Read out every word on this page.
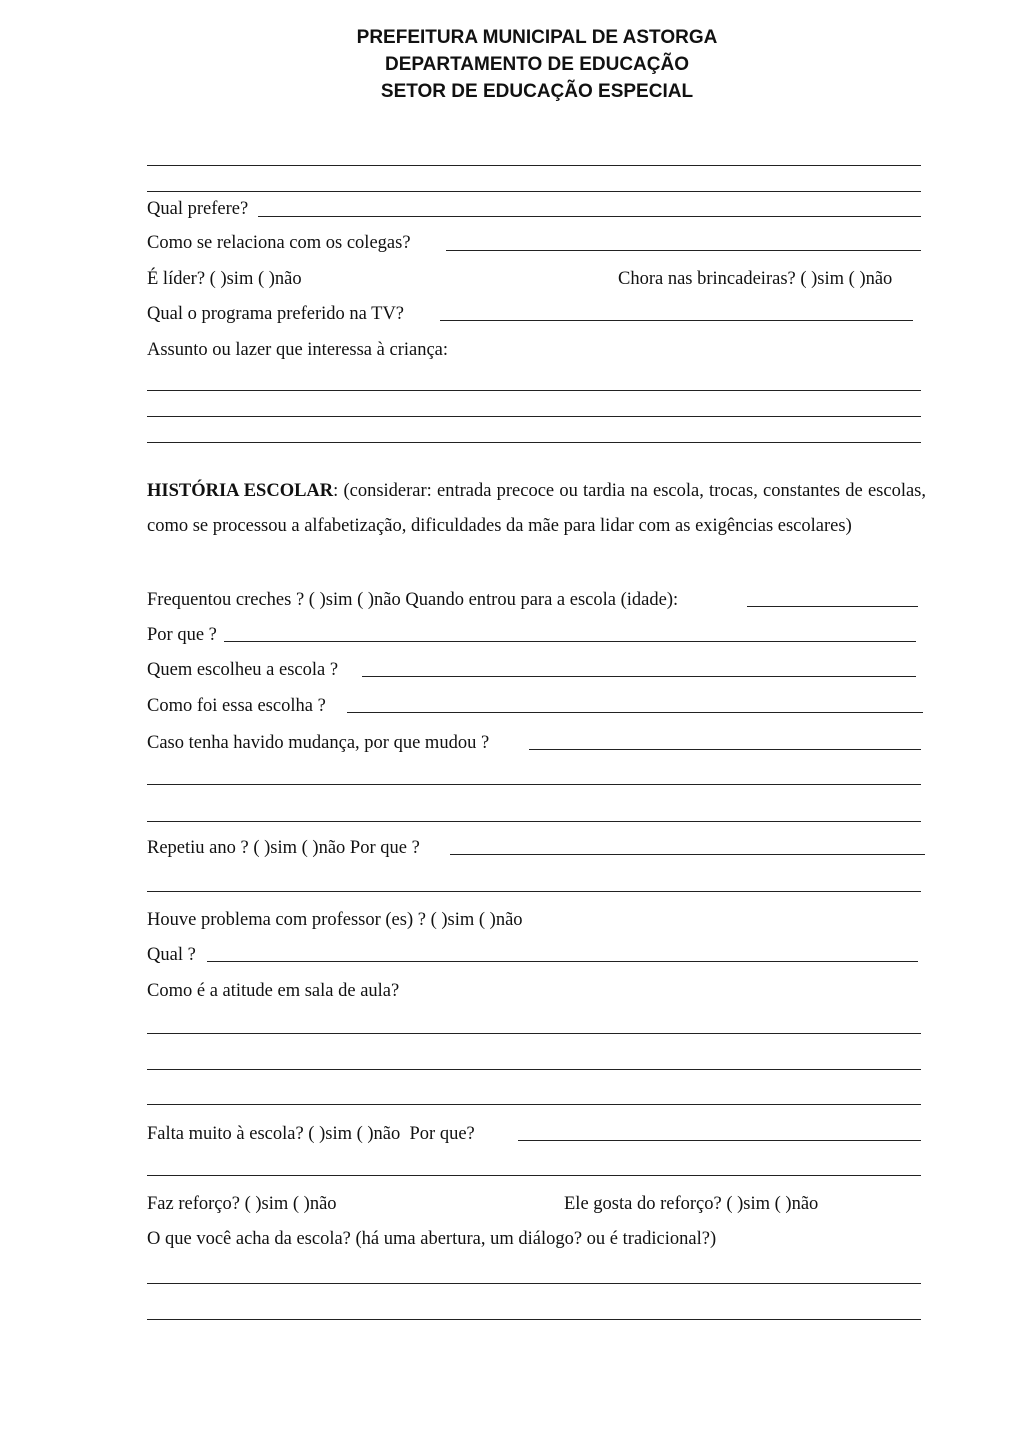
PREFEITURA MUNICIPAL DE ASTORGA
DEPARTAMENTO DE EDUCAÇÃO
SETOR DE EDUCAÇÃO ESPECIAL
Qual prefere?
Como se relaciona com os colegas?
É líder? ( )sim ( )não	Chora nas brincadeiras? ( )sim ( )não
Qual o programa preferido na TV?
Assunto ou lazer que interessa à criança:
HISTÓRIA ESCOLAR: (considerar: entrada precoce ou tardia na escola, trocas, constantes de escolas, como se processou a alfabetização, dificuldades da mãe para lidar com as exigências escolares)
Frequentou creches ? ( )sim ( )não Quando entrou para a escola (idade):
Por que ?
Quem escolheu a escola ?
Como foi essa escolha ?
Caso tenha havido mudança, por que mudou ?
Repetiu ano ? ( )sim ( )não Por que ?
Houve problema com professor (es) ? ( )sim ( )não
Qual ?
Como é a atitude em sala de aula?
Falta muito à escola? ( )sim ( )não  Por que?
Faz reforço? ( )sim ( )não	Ele gosta do reforço? ( )sim ( )não
O que você acha da escola? (há uma abertura, um diálogo? ou é tradicional?)
